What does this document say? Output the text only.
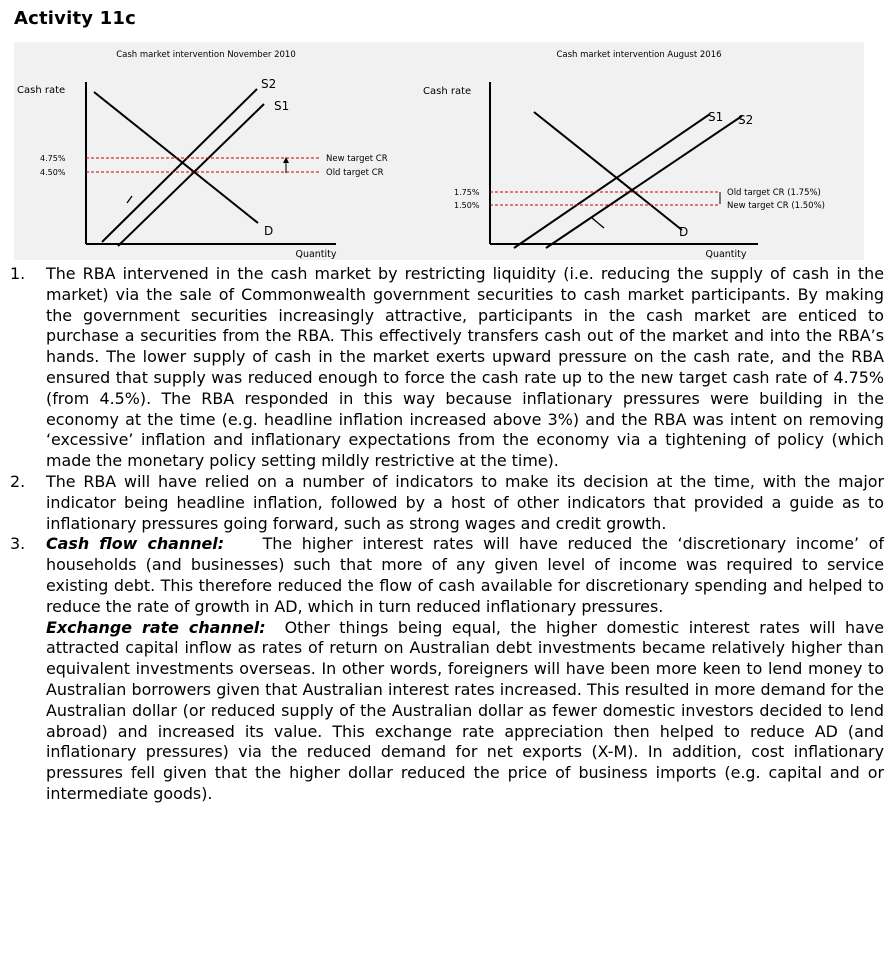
Activity 11c
Cash market intervention November 2010
Cash rate
Quantity
S2
S1
D
4.75%
4.50%
New target CR
Old target CR
Cash market intervention August 2016
Cash rate
Quantity
S1 S2
D
1.75%
1.50%
Old target CR (1.75%)
New target CR (1.50%)
1.	The RBA intervened in the cash market by restricting liquidity (i.e. reducing the supply of cash in the market) via the sale of Commonwealth government securities to cash market participants. By making the government securities increasingly attractive, participants in the cash market are enticed to purchase a securities from the RBA. This effectively transfers cash out of the market and into the RBA’s hands. The lower supply of cash in the market exerts upward pressure on the cash rate, and the RBA ensured that supply was reduced enough to force the cash rate up to the new target cash rate of 4.75% (from 4.5%). The RBA responded in this way because inflationary pressures were building in the economy at the time (e.g. headline inflation increased above 3%) and the RBA was intent on removing ‘excessive’ inflation and inflationary expectations from the economy via a tightening of policy (which made the monetary policy setting mildly restrictive at the time).
2.	The RBA will have relied on a number of indicators to make its decision at the time, with the major indicator being headline inflation, followed by a host of other indicators that provided a guide as to inflationary pressures going forward, such as strong wages and credit growth.
3.	Cash flow channel: The higher interest rates will have reduced the ‘discretionary income’ of households (and businesses) such that more of any given level of income was required to service existing debt. This therefore reduced the flow of cash available for discretionary spending and helped to reduce the rate of growth in AD, which in turn reduced inflationary pressures.
Exchange rate channel: Other things being equal, the higher domestic interest rates will have attracted capital inflow as rates of return on Australian debt investments became relatively higher than equivalent investments overseas. In other words, foreigners will have been more keen to lend money to Australian borrowers given that Australian interest rates increased. This resulted in more demand for the Australian dollar (or reduced supply of the Australian dollar as fewer domestic investors decided to lend abroad) and increased its value. This exchange rate appreciation then helped to reduce AD (and inflationary pressures) via the reduced demand for net exports (X-M). In addition, cost inflationary pressures fell given that the higher dollar reduced the price of business imports (e.g. capital and or intermediate goods).
